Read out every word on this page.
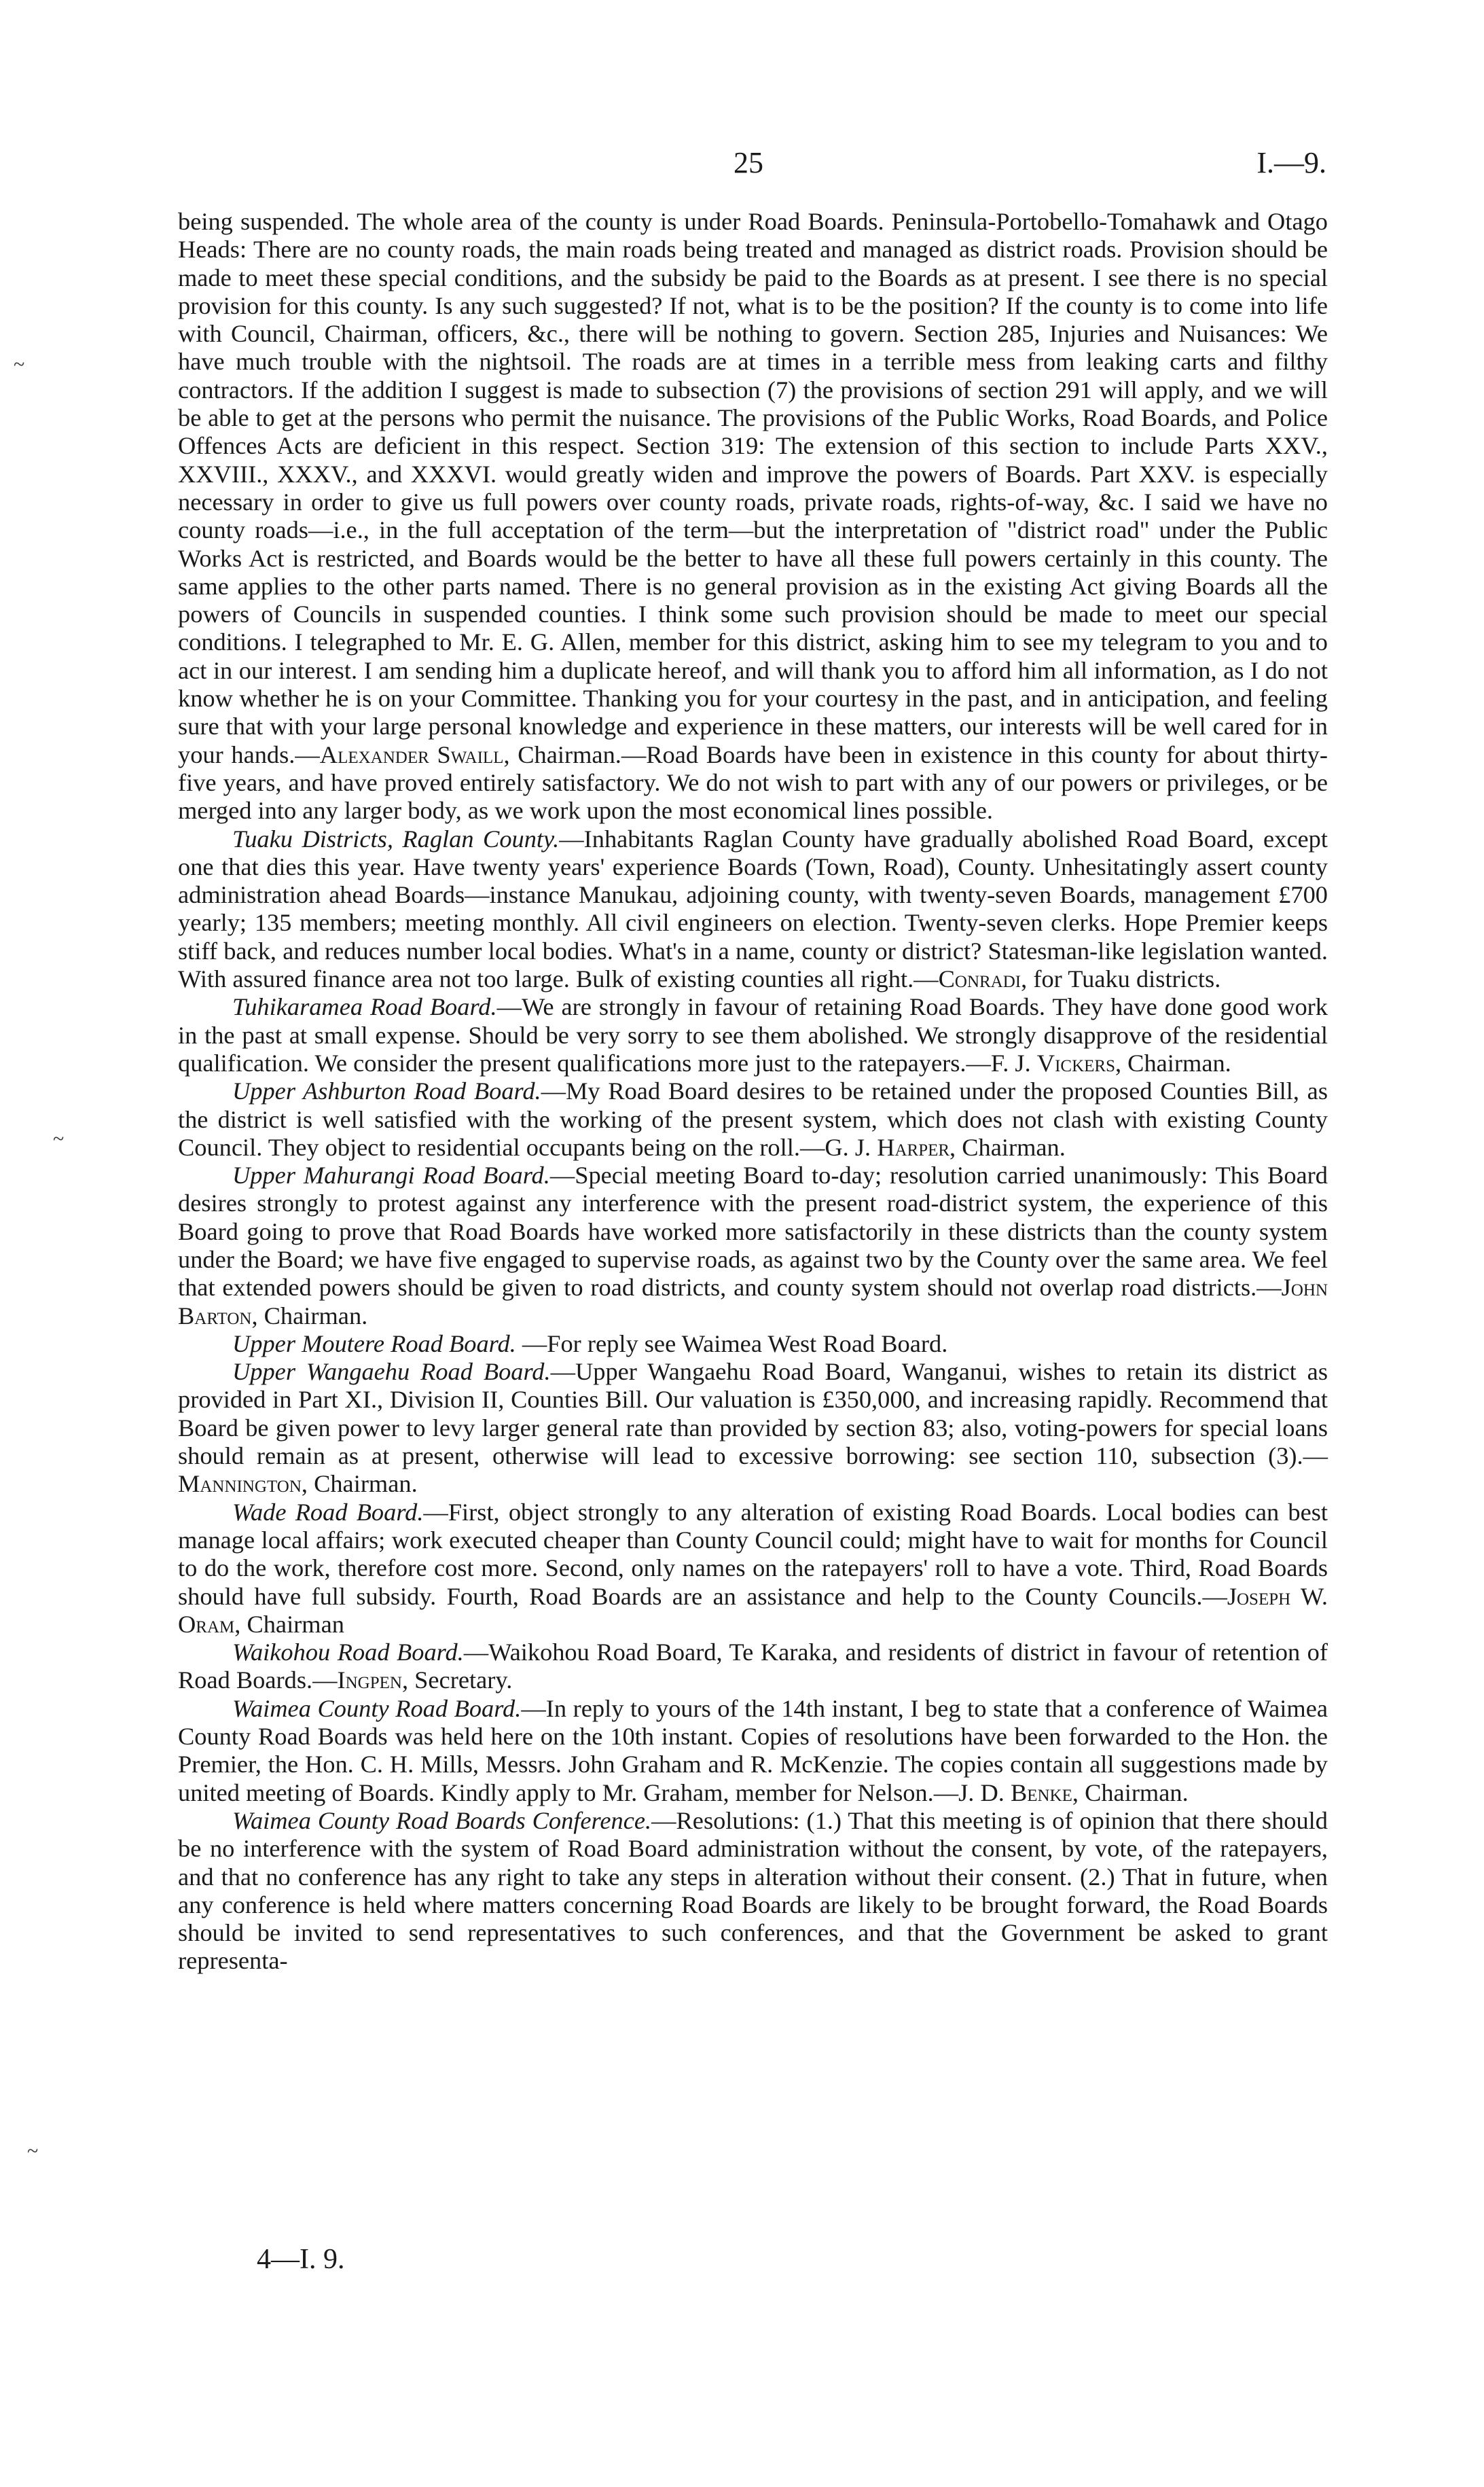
25	I.—9.
~
~
~

being suspended. The whole area of the county is under Road Boards. Peninsula-Portobello-Tomahawk and Otago Heads: There are no county roads, the main roads being treated and managed as district roads. Provision should be made to meet these special conditions, and the subsidy be paid to the Boards as at present. I see there is no special provision for this county. Is any such suggested? If not, what is to be the position? If the county is to come into life with Council, Chairman, officers, &c., there will be nothing to govern. Section 285, Injuries and Nuisances: We have much trouble with the nightsoil. The roads are at times in a terrible mess from leaking carts and filthy contractors. If the addition I suggest is made to subsection (7) the provisions of section 291 will apply, and we will be able to get at the persons who permit the nuisance. The provisions of the Public Works, Road Boards, and Police Offences Acts are deficient in this respect. Section 319: The extension of this section to include Parts XXV., XXVIII., XXXV., and XXXVI. would greatly widen and improve the powers of Boards. Part XXV. is especially necessary in order to give us full powers over county roads, private roads, rights-of-way, &c. I said we have no county roads—i.e., in the full acceptation of the term—but the interpretation of "district road" under the Public Works Act is restricted, and Boards would be the better to have all these full powers certainly in this county. The same applies to the other parts named. There is no general provision as in the existing Act giving Boards all the powers of Councils in suspended counties. I think some such provision should be made to meet our special conditions. I telegraphed to Mr. E. G. Allen, member for this district, asking him to see my telegram to you and to act in our interest. I am sending him a duplicate hereof, and will thank you to afford him all information, as I do not know whether he is on your Committee. Thanking you for your courtesy in the past, and in anticipation, and feeling sure that with your large personal knowledge and experience in these matters, our interests will be well cared for in your hands.—Alexander Swaill, Chairman.—Road Boards have been in existence in this county for about thirty-five years, and have proved entirely satisfactory. We do not wish to part with any of our powers or privileges, or be merged into any larger body, as we work upon the most economical lines possible.

Tuaku Districts, Raglan County.—Inhabitants Raglan County have gradually abolished Road Board, except one that dies this year. Have twenty years' experience Boards (Town, Road), County. Unhesitatingly assert county administration ahead Boards—instance Manukau, adjoining county, with twenty-seven Boards, management £700 yearly; 135 members; meeting monthly. All civil engineers on election. Twenty-seven clerks. Hope Premier keeps stiff back, and reduces number local bodies. What's in a name, county or district? Statesman-like legislation wanted. With assured finance area not too large. Bulk of existing counties all right.—Conradi, for Tuaku districts.

Tuhikaramea Road Board.—We are strongly in favour of retaining Road Boards. They have done good work in the past at small expense. Should be very sorry to see them abolished. We strongly disapprove of the residential qualification. We consider the present qualifications more just to the ratepayers.—F. J. Vickers, Chairman.

Upper Ashburton Road Board.—My Road Board desires to be retained under the proposed Counties Bill, as the district is well satisfied with the working of the present system, which does not clash with existing County Council. They object to residential occupants being on the roll.—G. J. Harper, Chairman.

Upper Mahurangi Road Board.—Special meeting Board to-day; resolution carried unanimously: This Board desires strongly to protest against any interference with the present road-district system, the experience of this Board going to prove that Road Boards have worked more satisfactorily in these districts than the county system under the Board; we have five engaged to supervise roads, as against two by the County over the same area. We feel that extended powers should be given to road districts, and county system should not overlap road districts.—John Barton, Chairman.

Upper Moutere Road Board. —For reply see Waimea West Road Board.

Upper Wangaehu Road Board.—Upper Wangaehu Road Board, Wanganui, wishes to retain its district as provided in Part XI., Division II, Counties Bill. Our valuation is £350,000, and increasing rapidly. Recommend that Board be given power to levy larger general rate than provided by section 83; also, voting-powers for special loans should remain as at present, otherwise will lead to excessive borrowing: see section 110, subsection (3).—Mannington, Chairman.

Wade Road Board.—First, object strongly to any alteration of existing Road Boards. Local bodies can best manage local affairs; work executed cheaper than County Council could; might have to wait for months for Council to do the work, therefore cost more. Second, only names on the ratepayers' roll to have a vote. Third, Road Boards should have full subsidy. Fourth, Road Boards are an assistance and help to the County Councils.—Joseph W. Oram, Chairman

Waikohou Road Board.—Waikohou Road Board, Te Karaka, and residents of district in favour of retention of Road Boards.—Ingpen, Secretary.

Waimea County Road Board.—In reply to yours of the 14th instant, I beg to state that a conference of Waimea County Road Boards was held here on the 10th instant. Copies of resolutions have been forwarded to the Hon. the Premier, the Hon. C. H. Mills, Messrs. John Graham and R. McKenzie. The copies contain all suggestions made by united meeting of Boards. Kindly apply to Mr. Graham, member for Nelson.—J. D. Benke, Chairman.

Waimea County Road Boards Conference.—Resolutions: (1.) That this meeting is of opinion that there should be no interference with the system of Road Board administration without the consent, by vote, of the ratepayers, and that no conference has any right to take any steps in alteration without their consent. (2.) That in future, when any conference is held where matters concerning Road Boards are likely to be brought forward, the Road Boards should be invited to send representatives to such conferences, and that the Government be asked to grant representa-

4—I. 9.
